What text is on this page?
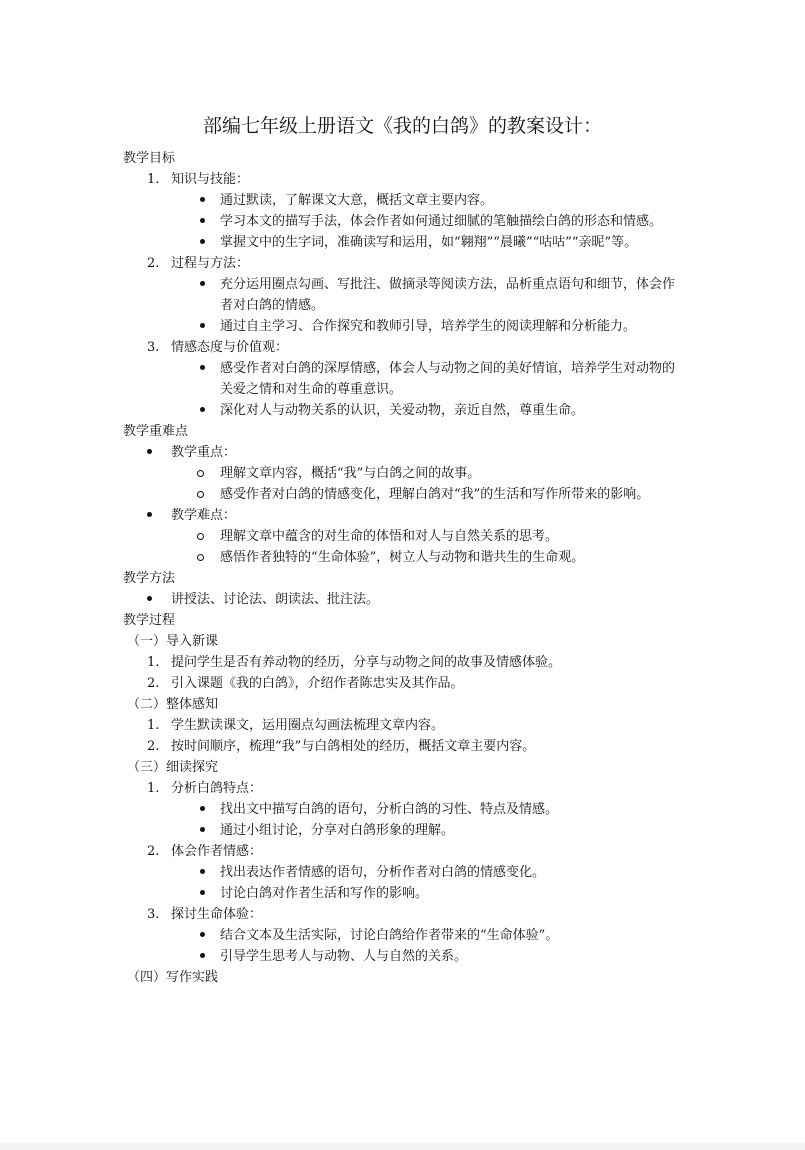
部编七年级上册语文《我的白鸽》的教案设计：
教学目标
1. 知识与技能：
通过默读，了解课文大意，概括文章主要内容。
学习本文的描写手法，体会作者如何通过细腻的笔触描绘白鸽的形态和情感。
掌握文中的生字词，准确读写和运用，如“翱翔”“晨曦”“咕咕”“亲昵”等。
2. 过程与方法：
充分运用圈点勾画、写批注、做摘录等阅读方法，品析重点语句和细节，体会作者对白鸽的情感。
通过自主学习、合作探究和教师引导，培养学生的阅读理解和分析能力。
3. 情感态度与价值观：
感受作者对白鸽的深厚情感，体会人与动物之间的美好情谊，培养学生对动物的关爱之情和对生命的尊重意识。
深化对人与动物关系的认识，关爱动物，亲近自然，尊重生命。
教学重难点
教学重点：
理解文章内容，概括“我”与白鸽之间的故事。
感受作者对白鸽的情感变化，理解白鸽对“我”的生活和写作所带来的影响。
教学难点：
理解文章中蕴含的对生命的体悟和对人与自然关系的思考。
感悟作者独特的“生命体验”，树立人与动物和谐共生的生命观。
教学方法
讲授法、讨论法、朗读法、批注法。
教学过程
（一）导入新课
1. 提问学生是否有养动物的经历，分享与动物之间的故事及情感体验。
2. 引入课题《我的白鸽》，介绍作者陈忠实及其作品。
（二）整体感知
1. 学生默读课文，运用圈点勾画法梳理文章内容。
2. 按时间顺序，梳理“我”与白鸽相处的经历，概括文章主要内容。
（三）细读探究
1. 分析白鸽特点：
找出文中描写白鸽的语句，分析白鸽的习性、特点及情感。
通过小组讨论，分享对白鸽形象的理解。
2. 体会作者情感：
找出表达作者情感的语句，分析作者对白鸽的情感变化。
讨论白鸽对作者生活和写作的影响。
3. 探讨生命体验：
结合文本及生活实际，讨论白鸽给作者带来的“生命体验”。
引导学生思考人与动物、人与自然的关系。
（四）写作实践
